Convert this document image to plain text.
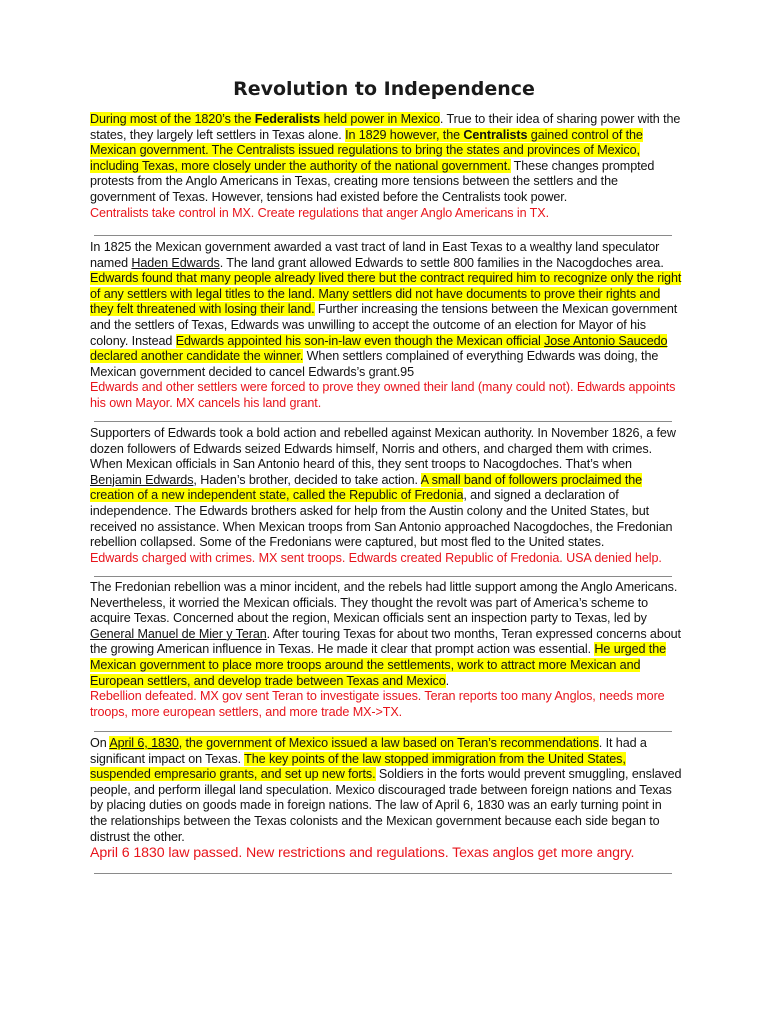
Revolution to Independence
During most of the 1820’s the Federalists held power in Mexico. True to their idea of sharing power with the states, they largely left settlers in Texas alone. In 1829 however, the Centralists gained control of the Mexican government. The Centralists issued regulations to bring the states and provinces of Mexico, including Texas, more closely under the authority of the national government. These changes prompted protests from the Anglo Americans in Texas, creating more tensions between the settlers and the government of Texas. However, tensions had existed before the Centralists took power.
Centralists take control in MX. Create regulations that anger Anglo Americans in TX.
In 1825 the Mexican government awarded a vast tract of land in East Texas to a wealthy land speculator named Haden Edwards. The land grant allowed Edwards to settle 800 families in the Nacogdoches area. Edwards found that many people already lived there but the contract required him to recognize only the right of any settlers with legal titles to the land. Many settlers did not have documents to prove their rights and they felt threatened with losing their land. Further increasing the tensions between the Mexican government and the settlers of Texas, Edwards was unwilling to accept the outcome of an election for Mayor of his colony. Instead Edwards appointed his son-in-law even though the Mexican official Jose Antonio Saucedo declared another candidate the winner. When settlers complained of everything Edwards was doing, the Mexican government decided to cancel Edwards’s grant.95
Edwards and other settlers were forced to prove they owned their land (many could not). Edwards appoints his own Mayor. MX cancels his land grant.
Supporters of Edwards took a bold action and rebelled against Mexican authority. In November 1826, a few dozen followers of Edwards seized Edwards himself, Norris and others, and charged them with crimes. When Mexican officials in San Antonio heard of this, they sent troops to Nacogdoches. That’s when Benjamin Edwards, Haden’s brother, decided to take action. A small band of followers proclaimed the creation of a new independent state, called the Republic of Fredonia, and signed a declaration of independence. The Edwards brothers asked for help from the Austin colony and the United States, but received no assistance. When Mexican troops from San Antonio approached Nacogdoches, the Fredonian rebellion collapsed. Some of the Fredonians were captured, but most fled to the United states.
Edwards charged with crimes. MX sent troops. Edwards created Republic of Fredonia. USA denied help.
The Fredonian rebellion was a minor incident, and the rebels had little support among the Anglo Americans. Nevertheless, it worried the Mexican officials. They thought the revolt was part of America’s scheme to acquire Texas. Concerned about the region, Mexican officials sent an inspection party to Texas, led by General Manuel de Mier y Teran. After touring Texas for about two months, Teran expressed concerns about the growing American influence in Texas. He made it clear that prompt action was essential. He urged the Mexican government to place more troops around the settlements, work to attract more Mexican and European settlers, and develop trade between Texas and Mexico.
Rebellion defeated. MX gov sent Teran to investigate issues. Teran reports too many Anglos, needs more troops, more european settlers, and more trade MX->TX.
On April 6, 1830, the government of Mexico issued a law based on Teran’s recommendations. It had a significant impact on Texas. The key points of the law stopped immigration from the United States, suspended empresario grants, and set up new forts. Soldiers in the forts would prevent smuggling, enslaved people, and perform illegal land speculation. Mexico discouraged trade between foreign nations and Texas by placing duties on goods made in foreign nations. The law of April 6, 1830 was an early turning point in the relationships between the Texas colonists and the Mexican government because each side began to distrust the other.
April 6 1830 law passed. New restrictions and regulations. Texas anglos get more angry.
